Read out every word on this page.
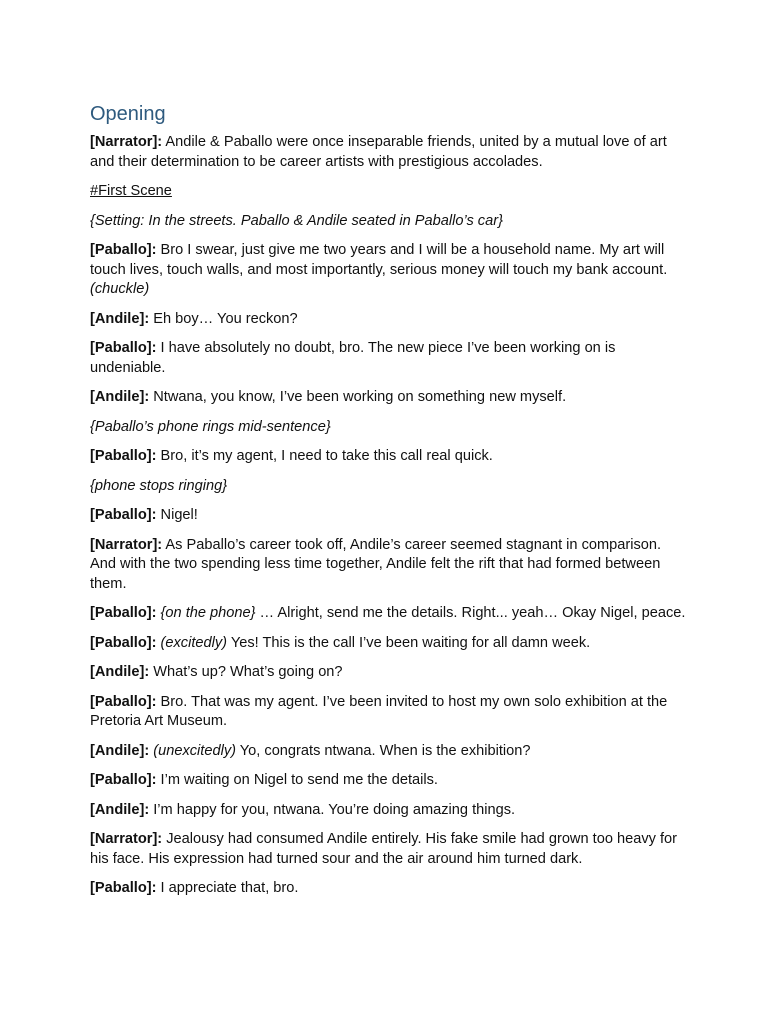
Opening

[Narrator]: Andile & Paballo were once inseparable friends, united by a mutual love of art and their determination to be career artists with prestigious accolades.

#First Scene

{Setting: In the streets. Paballo & Andile seated in Paballo’s car}

[Paballo]: Bro I swear, just give me two years and I will be a household name. My art will touch lives, touch walls, and most importantly, serious money will touch my bank account. (chuckle)

[Andile]: Eh boy… You reckon?

[Paballo]: I have absolutely no doubt, bro. The new piece I’ve been working on is undeniable.

[Andile]: Ntwana, you know, I’ve been working on something new myself.

{Paballo’s phone rings mid-sentence}

[Paballo]: Bro, it’s my agent, I need to take this call real quick.

{phone stops ringing}

[Paballo]: Nigel!

[Narrator]: As Paballo’s career took off, Andile’s career seemed stagnant in comparison. And with the two spending less time together, Andile felt the rift that had formed between them.

[Paballo]: {on the phone} … Alright, send me the details. Right... yeah… Okay Nigel, peace.

[Paballo]: (excitedly) Yes! This is the call I’ve been waiting for all damn week.

[Andile]: What’s up? What’s going on?

[Paballo]: Bro. That was my agent. I’ve been invited to host my own solo exhibition at the Pretoria Art Museum.

[Andile]: (unexcitedly) Yo, congrats ntwana. When is the exhibition?

[Paballo]: I’m waiting on Nigel to send me the details.

[Andile]: I’m happy for you, ntwana. You’re doing amazing things.

[Narrator]: Jealousy had consumed Andile entirely. His fake smile had grown too heavy for his face. His expression had turned sour and the air around him turned dark.

[Paballo]: I appreciate that, bro.
